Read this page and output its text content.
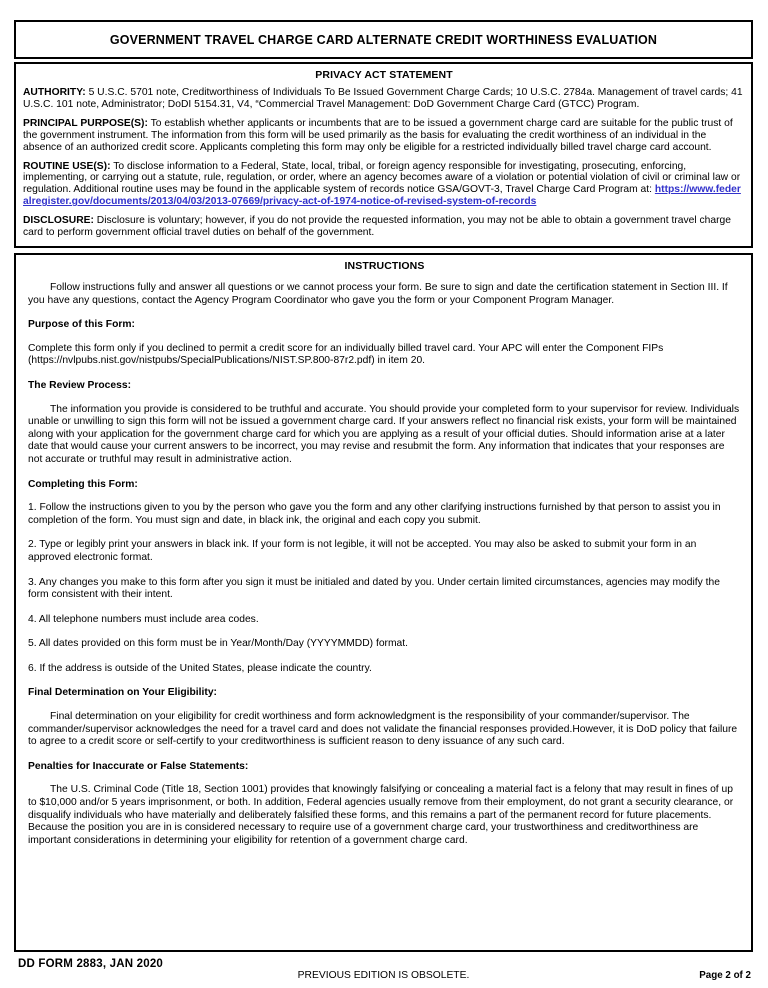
GOVERNMENT TRAVEL CHARGE CARD ALTERNATE CREDIT WORTHINESS EVALUATION
PRIVACY ACT STATEMENT
AUTHORITY: 5 U.S.C. 5701 note, Creditworthiness of Individuals To Be Issued Government Charge Cards; 10 U.S.C. 2784a. Management of travel cards; 41 U.S.C. 101 note, Administrator; DoDI 5154.31, V4, “Commercial Travel Management: DoD Government Charge Card (GTCC) Program.
PRINCIPAL PURPOSE(S): To establish whether applicants or incumbents that are to be issued a government charge card are suitable for the public trust of the government instrument. The information from this form will be used primarily as the basis for evaluating the credit worthiness of an individual in the absence of an authorized credit score. Applicants completing this form may only be eligible for a restricted individually billed travel charge card account.
ROUTINE USE(S): To disclose information to a Federal, State, local, tribal, or foreign agency responsible for investigating, prosecuting, enforcing, implementing, or carrying out a statute, rule, regulation, or order, where an agency becomes aware of a violation or potential violation of civil or criminal law or regulation. Additional routine uses may be found in the applicable system of records notice GSA/GOVT-3, Travel Charge Card Program at: https://www.federalregister.gov/documents/2013/04/03/2013-07669/privacy-act-of-1974-notice-of-revised-system-of-records
DISCLOSURE: Disclosure is voluntary; however, if you do not provide the requested information, you may not be able to obtain a government travel charge card to perform government official travel duties on behalf of the government.
INSTRUCTIONS

Follow instructions fully and answer all questions or we cannot process your form. Be sure to sign and date the certification statement in Section III. If you have any questions, contact the Agency Program Coordinator who gave you the form or your Component Program Manager.

Purpose of this Form:

Complete this form only if you declined to permit a credit score for an individually billed travel card. Your APC will enter the Component FIPs (https://nvlpubs.nist.gov/nistpubs/SpecialPublications/NIST.SP.800-87r2.pdf) in item 20.

The Review Process:

The information you provide is considered to be truthful and accurate. You should provide your completed form to your supervisor for review. Individuals unable or unwilling to sign this form will not be issued a government charge card. If your answers reflect no financial risk exists, your form will be maintained along with your application for the government charge card for which you are applying as a result of your official duties. Should information arise at a later date that would cause your current answers to be incorrect, you may revise and resubmit the form. Any information that indicates that your responses are not accurate or truthful may result in administrative action.

Completing this Form:

1. Follow the instructions given to you by the person who gave you the form and any other clarifying instructions furnished by that person to assist you in completion of the form. You must sign and date, in black ink, the original and each copy you submit.

2. Type or legibly print your answers in black ink. If your form is not legible, it will not be accepted. You may also be asked to submit your form in an approved electronic format.

3. Any changes you make to this form after you sign it must be initialed and dated by you. Under certain limited circumstances, agencies may modify the form consistent with their intent.

4. All telephone numbers must include area codes.

5. All dates provided on this form must be in Year/Month/Day (YYYYMMDD) format.

6. If the address is outside of the United States, please indicate the country.

Final Determination on Your Eligibility:

Final determination on your eligibility for credit worthiness and form acknowledgment is the responsibility of your commander/supervisor. The commander/supervisor acknowledges the need for a travel card and does not validate the financial responses provided.However, it is DoD policy that failure to agree to a credit score or self-certify to your creditworthiness is sufficient reason to deny issuance of any such card.

Penalties for Inaccurate or False Statements:

The U.S. Criminal Code (Title 18, Section 1001) provides that knowingly falsifying or concealing a material fact is a felony that may result in fines of up to $10,000 and/or 5 years imprisonment, or both. In addition, Federal agencies usually remove from their employment, do not grant a security clearance, or disqualify individuals who have materially and deliberately falsified these forms, and this remains a part of the permanent record for future placements. Because the position you are in is considered necessary to require use of a government charge card, your trustworthiness and creditworthiness are important considerations in determining your eligibility for retention of a government charge card.

DD FORM 2883, JAN 2020
PREVIOUS EDITION IS OBSOLETE.	Page 2 of 2
